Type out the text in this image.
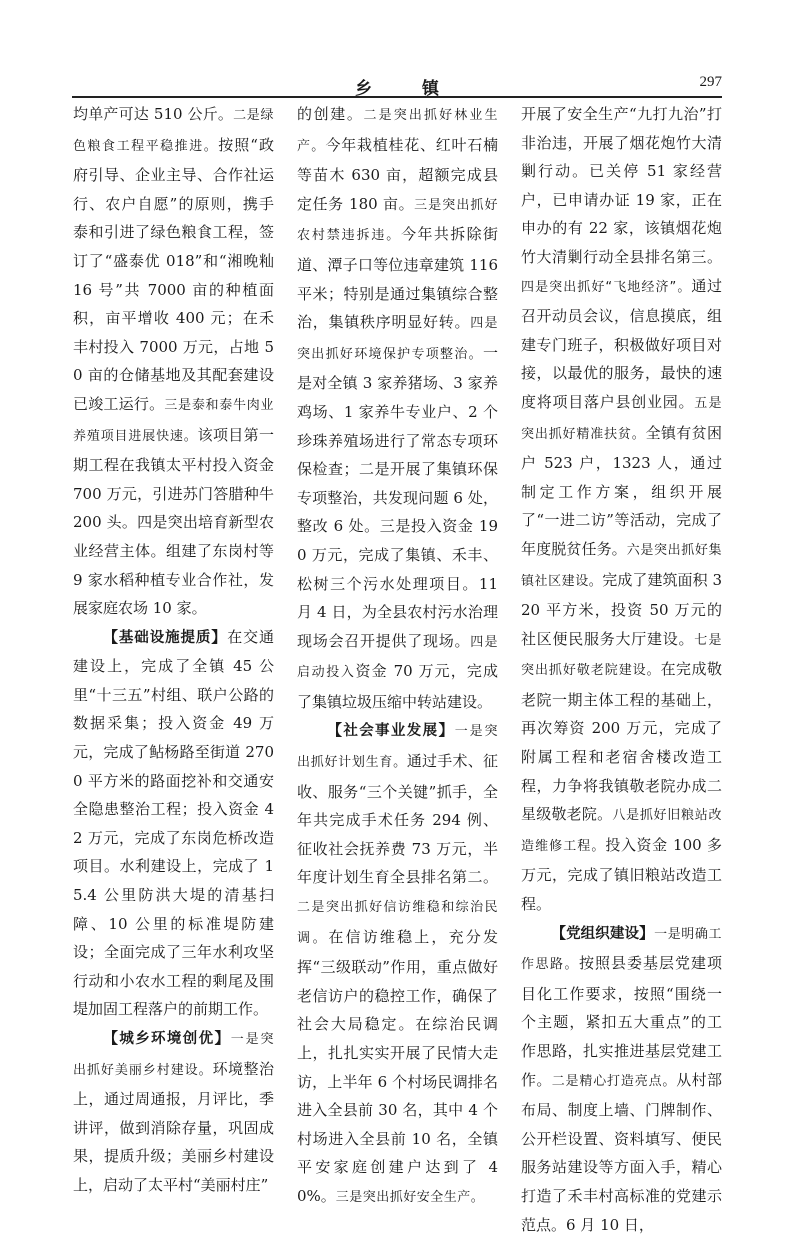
乡 镇	297

均单产可达 510 公斤。二是绿色粮食工程平稳推进。按照“政府引导、企业主导、合作社运行、农户自愿”的原则，携手泰和引进了绿色粮食工程，签订了“盛泰优 018”和“湘晚籼 16 号”共 7000 亩的种植面积，亩平增收 400 元；在禾丰村投入 7000 万元，占地 50 亩的仓储基地及其配套建设已竣工运行。三是泰和泰牛肉业养殖项目进展快速。该项目第一期工程在我镇太平村投入资金 700 万元，引进苏门答腊种牛 200 头。四是突出培育新型农业经营主体。组建了东岗村等 9 家水稻种植专业合作社，发展家庭农场 10 家。

【基础设施提质】在交通建设上，完成了全镇 45 公里“十三五”村组、联户公路的数据采集；投入资金 49 万元，完成了鲇杨路至街道 2700 平方米的路面挖补和交通安全隐患整治工程；投入资金 42 万元，完成了东岗危桥改造项目。水利建设上，完成了 15.4 公里防洪大堤的清基扫障、10 公里的标准堤防建设；全面完成了三年水利攻坚行动和小农水工程的剩尾及围堤加固工程落户的前期工作。

【城乡环境创优】一是突出抓好美丽乡村建设。环境整治上，通过周通报，月评比，季讲评，做到消除存量，巩固成果，提质升级；美丽乡村建设上，启动了太平村“美丽村庄”

的创建。二是突出抓好林业生产。今年栽植桂花、红叶石楠等苗木 630 亩，超额完成县定任务 180 亩。三是突出抓好农村禁违拆违。今年共拆除街道、潭子口等位违章建筑 116 平米；特别是通过集镇综合整治，集镇秩序明显好转。四是突出抓好环境保护专项整治。一是对全镇 3 家养猪场、3 家养鸡场、1 家养牛专业户、2 个珍珠养殖场进行了常态专项环保检查；二是开展了集镇环保专项整治，共发现问题 6 处，整改 6 处。三是投入资金 190 万元，完成了集镇、禾丰、松树三个污水处理项目。11 月 4 日，为全县农村污水治理现场会召开提供了现场。四是启动投入资金 70 万元，完成了集镇垃圾压缩中转站建设。

【社会事业发展】一是突出抓好计划生育。通过手术、征收、服务“三个关键”抓手，全年共完成手术任务 294 例、征收社会抚养费 73 万元，半年度计划生育全县排名第二。二是突出抓好信访维稳和综治民调。在信访维稳上，充分发挥“三级联动”作用，重点做好老信访户的稳控工作，确保了社会大局稳定。在综治民调上，扎扎实实开展了民情大走访，上半年 6 个村场民调排名进入全县前 30 名，其中 4 个村场进入全县前 10 名，全镇平安家庭创建户达到了 40%。三是突出抓好安全生产。

开展了安全生产“九打九治”打非治违，开展了烟花炮竹大清剿行动。已关停 51 家经营户，已申请办证 19 家，正在申办的有 22 家，该镇烟花炮竹大清剿行动全县排名第三。四是突出抓好“飞地经济”。通过召开动员会议，信息摸底，组建专门班子，积极做好项目对接，以最优的服务，最快的速度将项目落户县创业园。五是突出抓好精准扶贫。全镇有贫困户 523 户，1323 人，通过制定工作方案，组织开展了“一进二访”等活动，完成了年度脱贫任务。六是突出抓好集镇社区建设。完成了建筑面积 320 平方米，投资 50 万元的社区便民服务大厅建设。七是突出抓好敬老院建设。在完成敬老院一期主体工程的基础上，再次筹资 200 万元，完成了附属工程和老宿舍楼改造工程，力争将我镇敬老院办成二星级敬老院。八是抓好旧粮站改造维修工程。投入资金 100 多万元，完成了镇旧粮站改造工程。

【党组织建设】一是明确工作思路。按照县委基层党建项目化工作要求，按照“围绕一个主题，紧扣五大重点”的工作思路，扎实推进基层党建工作。二是精心打造亮点。从村部布局、制度上墙、门牌制作、公开栏设置、资料填写、便民服务站建设等方面入手，精心打造了禾丰村高标准的党建示范点。6 月 10 日，
